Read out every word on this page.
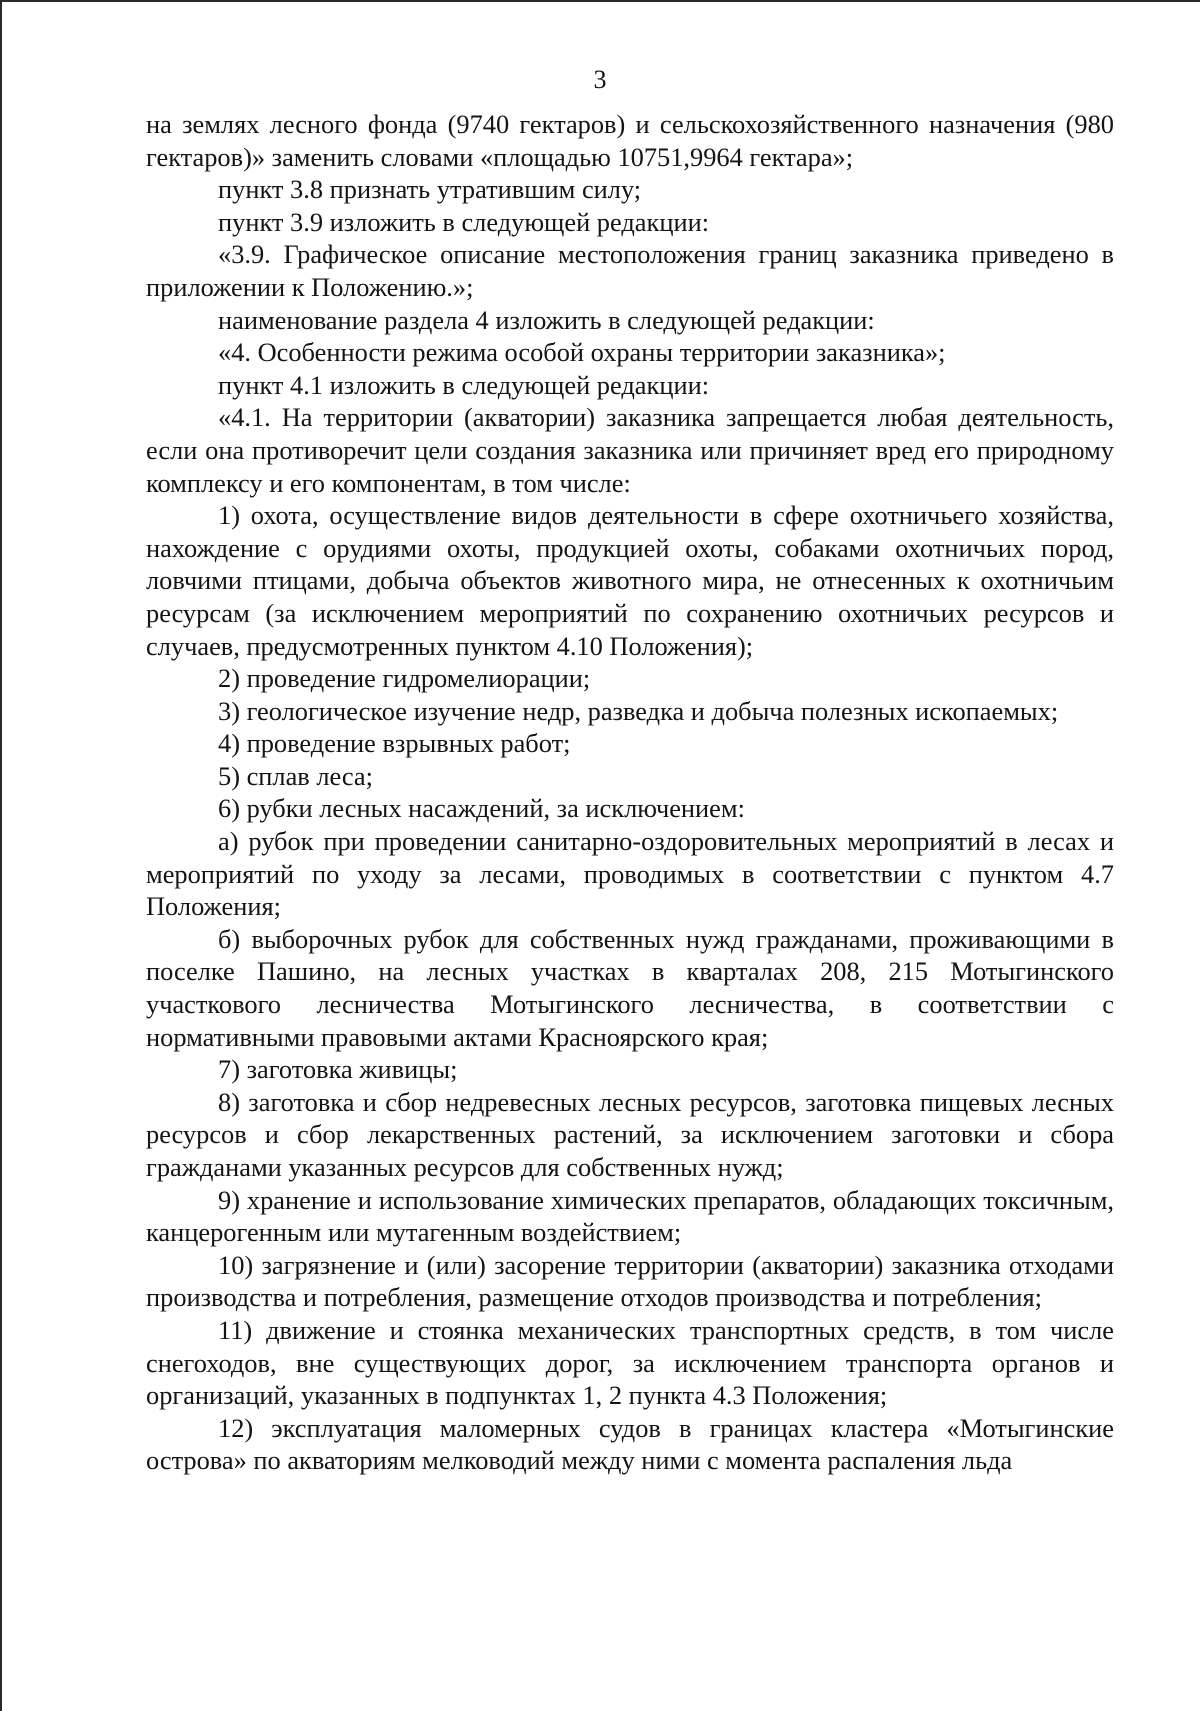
3

на землях лесного фонда (9740 гектаров) и сельскохозяйственного назначения (980 гектаров)» заменить словами «площадью 10751,9964 гектара»;

пункт 3.8 признать утратившим силу;

пункт 3.9 изложить в следующей редакции:

«3.9. Графическое описание местоположения границ заказника приведено в приложении к Положению.»;

наименование раздела 4 изложить в следующей редакции:

«4. Особенности режима особой охраны территории заказника»;

пункт 4.1 изложить в следующей редакции:

«4.1. На территории (акватории) заказника запрещается любая деятельность, если она противоречит цели создания заказника или причиняет вред его природному комплексу и его компонентам, в том числе:

1) охота, осуществление видов деятельности в сфере охотничьего хозяйства, нахождение с орудиями охоты, продукцией охоты, собаками охотничьих пород, ловчими птицами, добыча объектов животного мира, не отнесенных к охотничьим ресурсам (за исключением мероприятий по сохранению охотничьих ресурсов и случаев, предусмотренных пунктом 4.10 Положения);

2) проведение гидромелиорации;

3) геологическое изучение недр, разведка и добыча полезных ископаемых;

4) проведение взрывных работ;

5) сплав леса;

6) рубки лесных насаждений, за исключением:

а) рубок при проведении санитарно-оздоровительных мероприятий в лесах и мероприятий по уходу за лесами, проводимых в соответствии с пунктом 4.7 Положения;

б) выборочных рубок для собственных нужд гражданами, проживающими в поселке Пашино, на лесных участках в кварталах 208, 215 Мотыгинского участкового лесничества Мотыгинского лесничества, в соответствии с нормативными правовыми актами Красноярского края;

7) заготовка живицы;

8) заготовка и сбор недревесных лесных ресурсов, заготовка пищевых лесных ресурсов и сбор лекарственных растений, за исключением заготовки и сбора гражданами указанных ресурсов для собственных нужд;

9) хранение и использование химических препаратов, обладающих токсичным, канцерогенным или мутагенным воздействием;

10) загрязнение и (или) засорение территории (акватории) заказника отходами производства и потребления, размещение отходов производства и потребления;

11) движение и стоянка механических транспортных средств, в том числе снегоходов, вне существующих дорог, за исключением транспорта органов и организаций, указанных в подпунктах 1, 2 пункта 4.3 Положения;

12) эксплуатация маломерных судов в границах кластера «Мотыгинские острова» по акваториям мелководий между ними с момента распаления льда
